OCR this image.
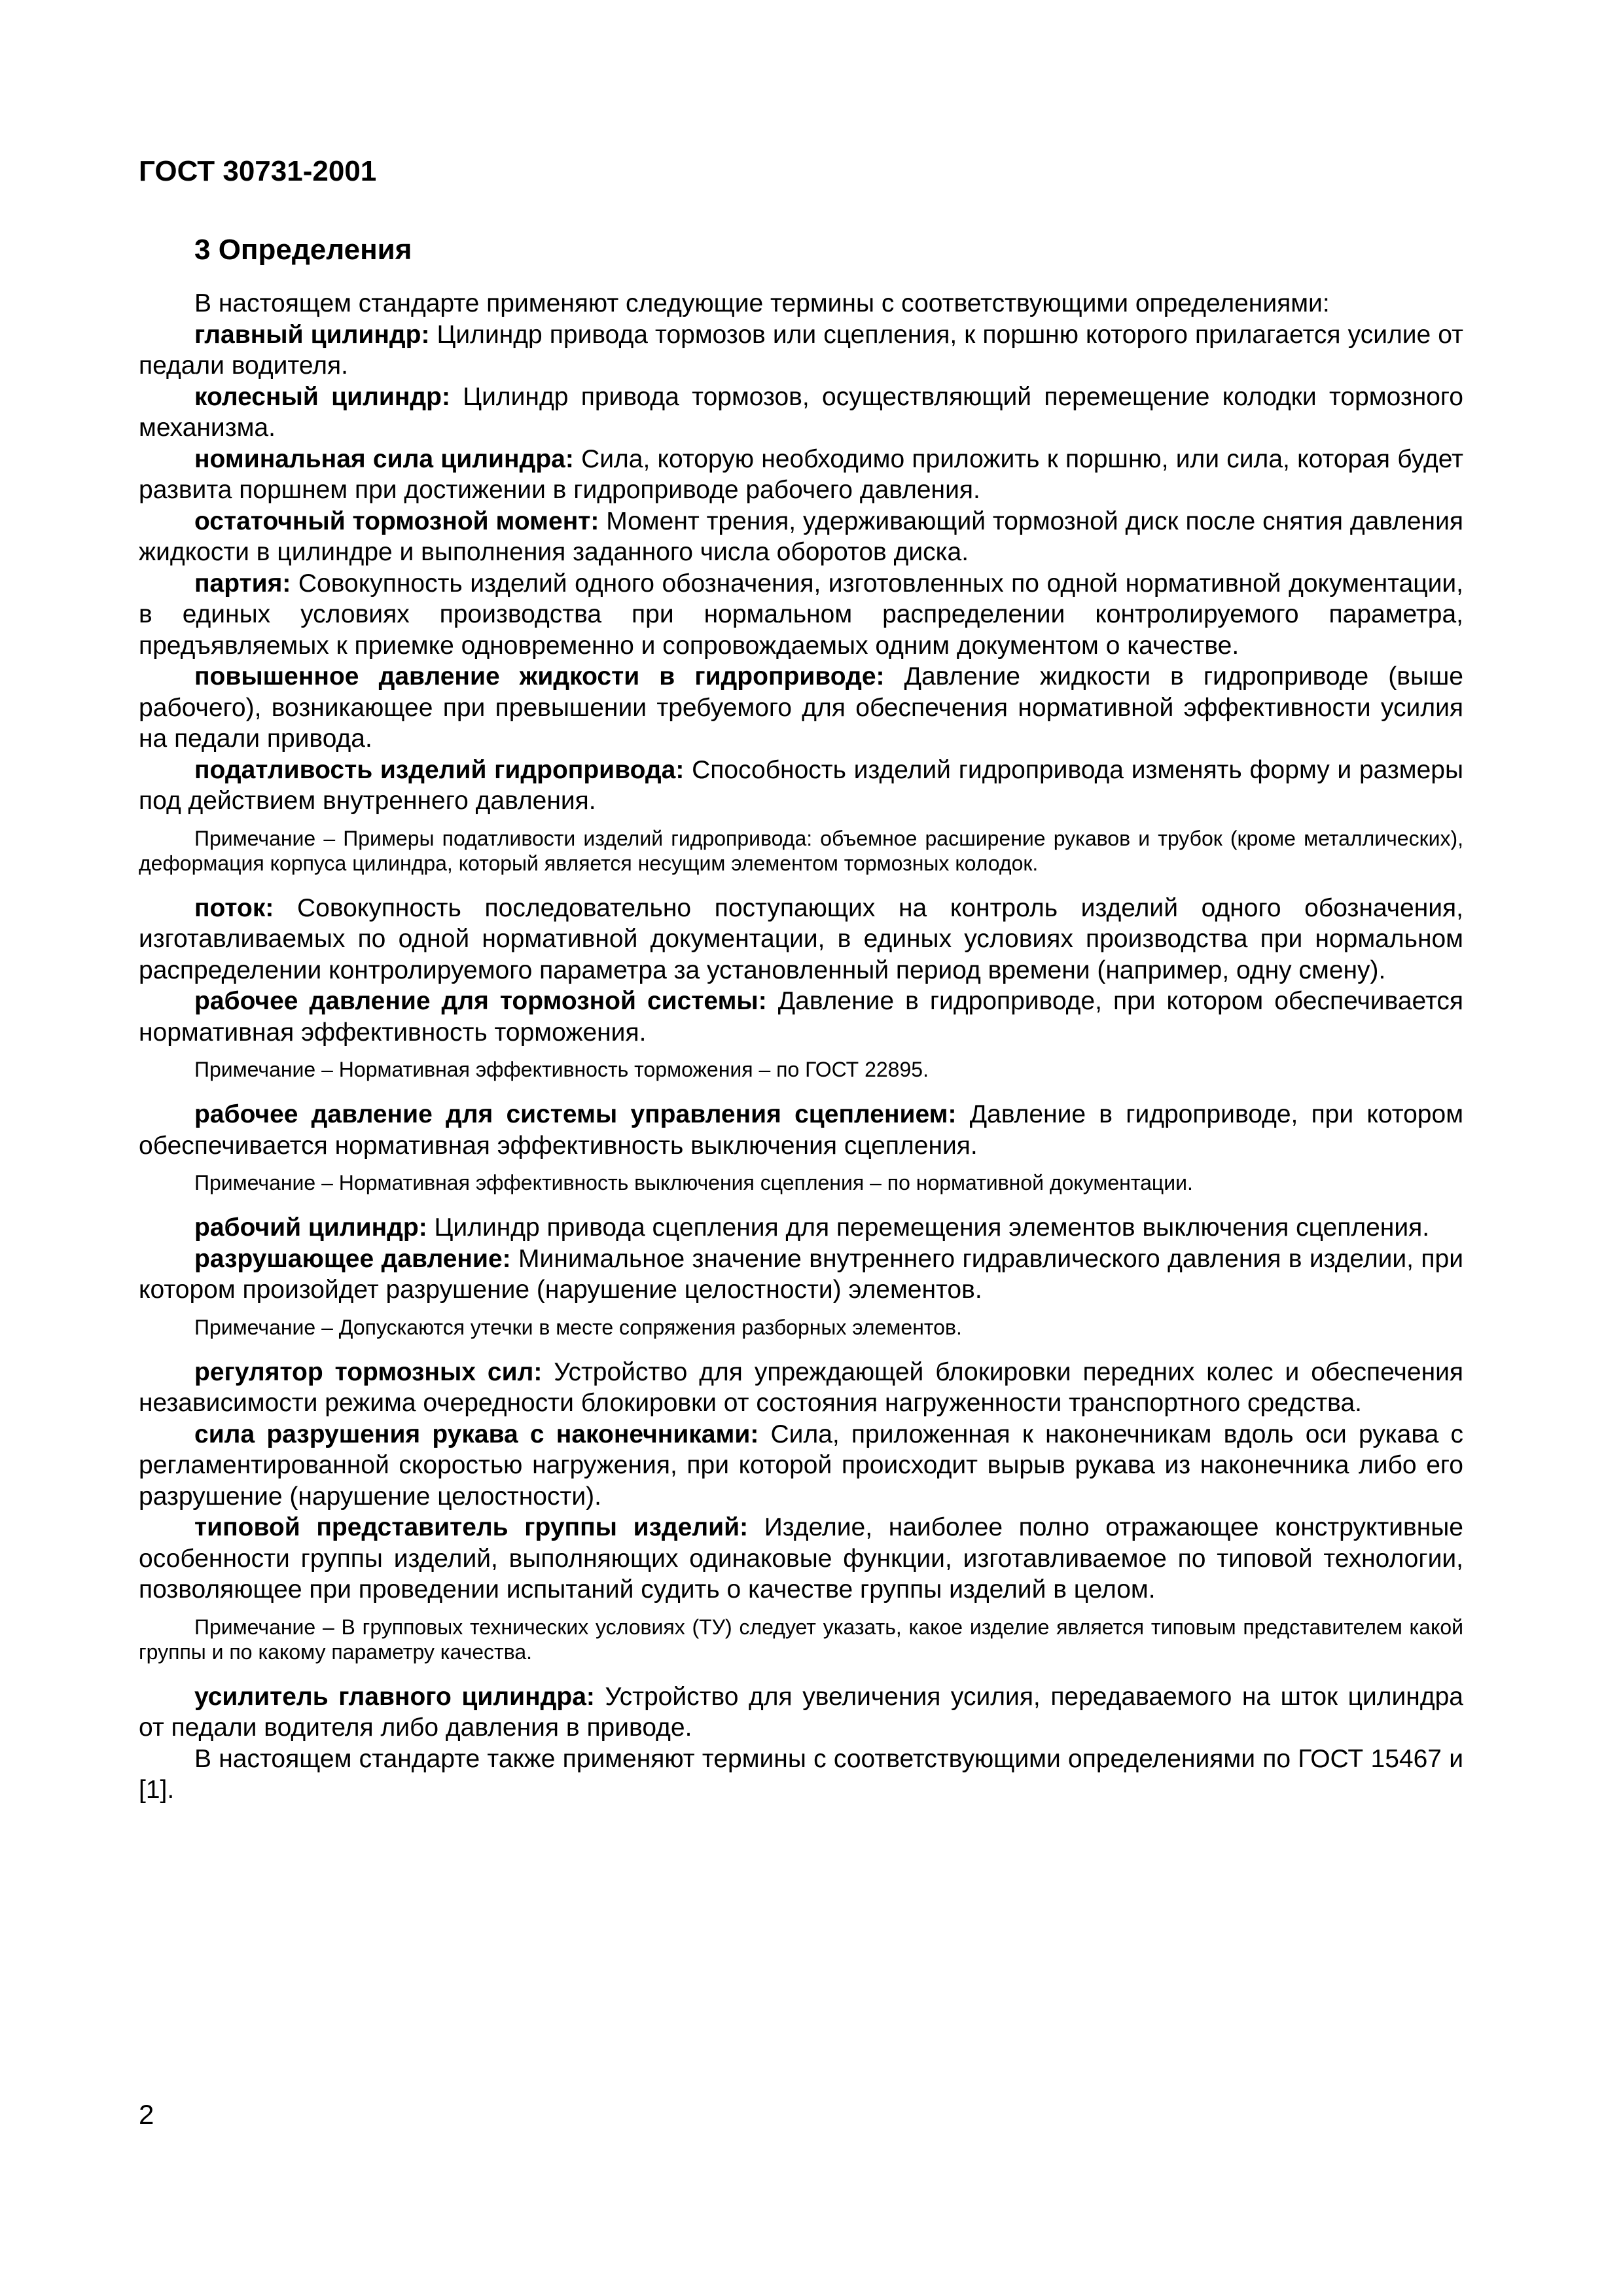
ГОСТ 30731-2001

3 Определения

В настоящем стандарте применяют следующие термины с соответствующими определениями:

главный цилиндр: Цилиндр привода тормозов или сцепления, к поршню которого прилагается усилие от педали водителя.

колесный цилиндр: Цилиндр привода тормозов, осуществляющий перемещение колодки тормозного механизма.

номинальная сила цилиндра: Сила, которую необходимо приложить к поршню, или сила, которая будет развита поршнем при достижении в гидроприводе рабочего давления.

остаточный тормозной момент: Момент трения, удерживающий тормозной диск после снятия давления жидкости в цилиндре и выполнения заданного числа оборотов диска.

партия: Совокупность изделий одного обозначения, изготовленных по одной нормативной документации, в единых условиях производства при нормальном распределении контролируемого параметра, предъявляемых к приемке одновременно и сопровождаемых одним документом о качестве.

повышенное давление жидкости в гидроприводе: Давление жидкости в гидроприводе (выше рабочего), возникающее при превышении требуемого для обеспечения нормативной эффективности усилия на педали привода.

податливость изделий гидропривода: Способность изделий гидропривода изменять форму и размеры под действием внутреннего давления.

Примечание – Примеры податливости изделий гидропривода: объемное расширение рукавов и трубок (кроме металлических), деформация корпуса цилиндра, который является несущим элементом тормозных колодок.

поток: Совокупность последовательно поступающих на контроль изделий одного обозначения, изготавливаемых по одной нормативной документации, в единых условиях производства при нормальном распределении контролируемого параметра за установленный период времени (например, одну смену).

рабочее давление для тормозной системы: Давление в гидроприводе, при котором обеспечивается нормативная эффективность торможения.

Примечание – Нормативная эффективность торможения – по ГОСТ 22895.

рабочее давление для системы управления сцеплением: Давление в гидроприводе, при котором обеспечивается нормативная эффективность выключения сцепления.

Примечание – Нормативная эффективность выключения сцепления – по нормативной документации.

рабочий цилиндр: Цилиндр привода сцепления для перемещения элементов выключения сцепления.

разрушающее давление: Минимальное значение внутреннего гидравлического давления в изделии, при котором произойдет разрушение (нарушение целостности) элементов.

Примечание – Допускаются утечки в месте сопряжения разборных элементов.

регулятор тормозных сил: Устройство для упреждающей блокировки передних колес и обеспечения независимости режима очередности блокировки от состояния нагруженности транспортного средства.

сила разрушения рукава с наконечниками: Сила, приложенная к наконечникам вдоль оси рукава с регламентированной скоростью нагружения, при которой происходит вырыв рукава из наконечника либо его разрушение (нарушение целостности).

типовой представитель группы изделий: Изделие, наиболее полно отражающее конструктивные особенности группы изделий, выполняющих одинаковые функции, изготавливаемое по типовой технологии, позволяющее при проведении испытаний судить о качестве группы изделий в целом.

Примечание – В групповых технических условиях (ТУ) следует указать, какое изделие является типовым представителем какой группы и по какому параметру качества.

усилитель главного цилиндра: Устройство для увеличения усилия, передаваемого на шток цилиндра от педали водителя либо давления в приводе.

В настоящем стандарте также применяют термины с соответствующими определениями по ГОСТ 15467 и [1].

2
